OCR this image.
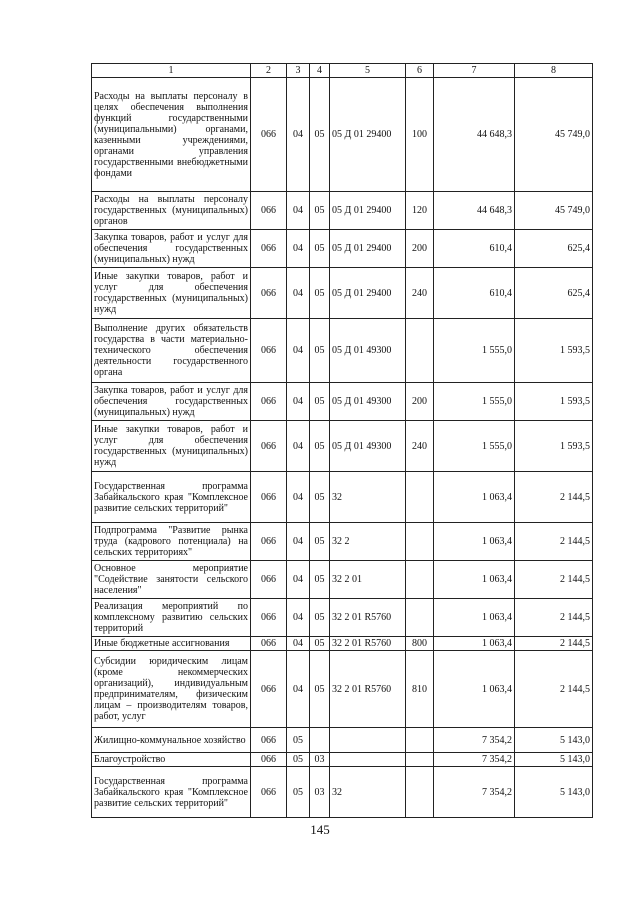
1	2	3	4	5	6	7	8
Расходы на выплаты персоналу в целях обеспечения выполнения функций государственными (муниципальными) органами, казенными учреждениями, органами управления государственными внебюджетными фондами	066	04	05	05 Д 01 29400	100	44 648,3	45 749,0
Расходы на выплаты персоналу государственных (муниципальных) органов	066	04	05	05 Д 01 29400	120	44 648,3	45 749,0
Закупка товаров, работ и услуг для обеспечения государственных (муниципальных) нужд	066	04	05	05 Д 01 29400	200	610,4	625,4
Иные закупки товаров, работ и услуг для обеспечения государственных (муниципальных) нужд	066	04	05	05 Д 01 29400	240	610,4	625,4
Выполнение других обязательств государства в части материально-технического обеспечения деятельности государственного органа	066	04	05	05 Д 01 49300		1 555,0	1 593,5
Закупка товаров, работ и услуг для обеспечения государственных (муниципальных) нужд	066	04	05	05 Д 01 49300	200	1 555,0	1 593,5
Иные закупки товаров, работ и услуг для обеспечения государственных (муниципальных) нужд	066	04	05	05 Д 01 49300	240	1 555,0	1 593,5
Государственная программа Забайкальского края "Комплексное развитие сельских территорий"	066	04	05	32		1 063,4	2 144,5
Подпрограмма "Развитие рынка труда (кадрового потенциала) на сельских территориях"	066	04	05	32 2		1 063,4	2 144,5
Основное мероприятие "Содействие занятости сельского населения"	066	04	05	32 2 01		1 063,4	2 144,5
Реализация мероприятий по комплексному развитию сельских территорий	066	04	05	32 2 01 R5760		1 063,4	2 144,5
Иные бюджетные ассигнования	066	04	05	32 2 01 R5760	800	1 063,4	2 144,5
Субсидии юридическим лицам (кроме некоммерческих организаций), индивидуальным предпринимателям, физическим лицам – производителям товаров, работ, услуг	066	04	05	32 2 01 R5760	810	1 063,4	2 144,5
Жилищно-коммунальное хозяйство	066	05				7 354,2	5 143,0
Благоустройство	066	05	03			7 354,2	5 143,0
Государственная программа Забайкальского края "Комплексное развитие сельских территорий"	066	05	03	32		7 354,2	5 143,0
145
